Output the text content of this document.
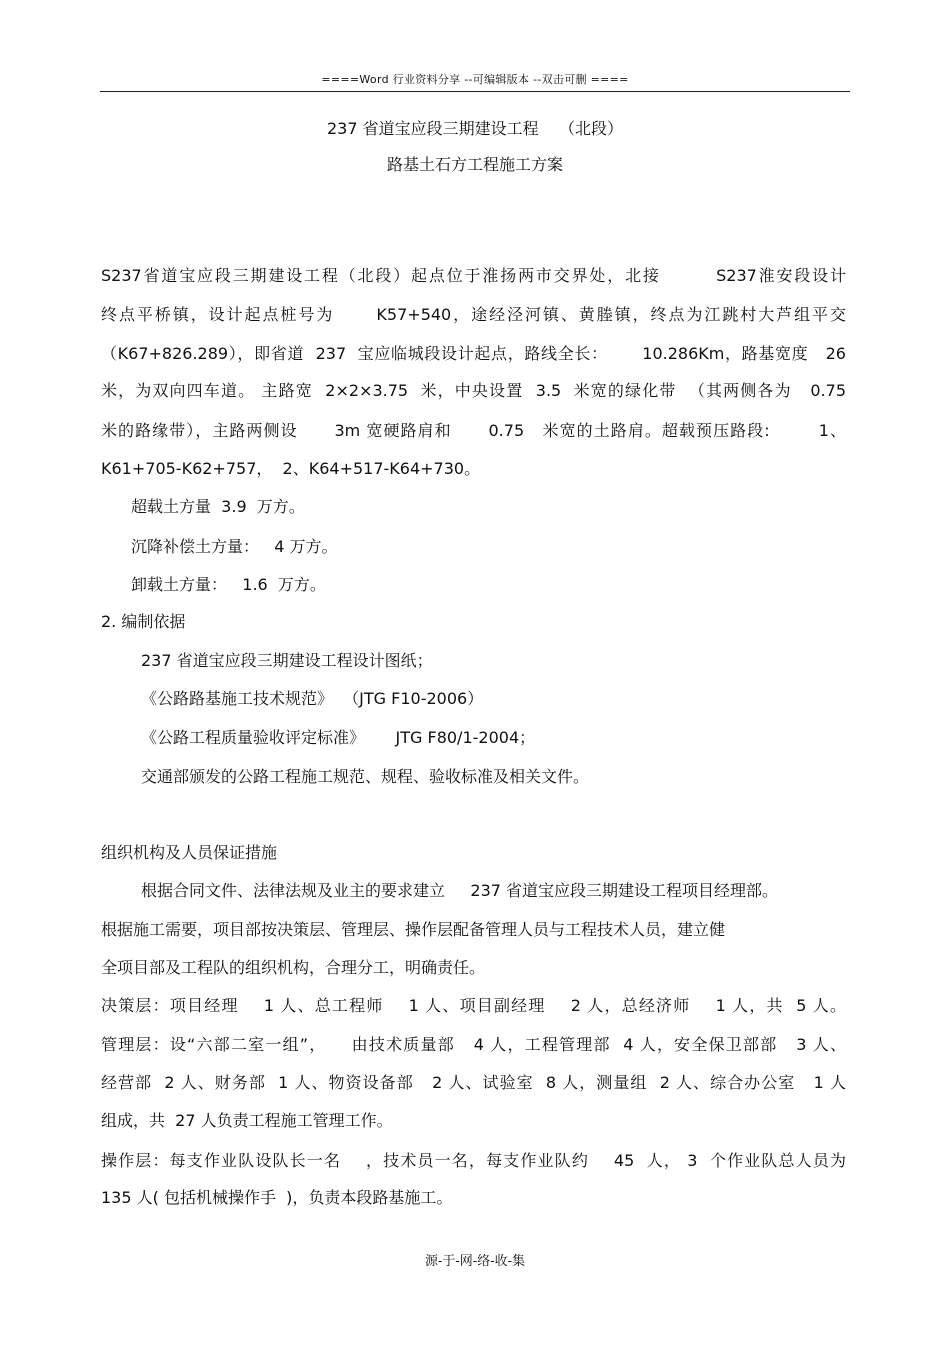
====Word 行业资料分享 --可编辑版本 --双击可删 ====
237 省道宝应段三期建设工程    （北段）
路基土石方工程施工方案
S237省道宝应段三期建设工程（北段）起点位于淮扬两市交界处，北接        S237淮安段设计
终点平桥镇，设计起点桩号为      K57+540，途经泾河镇、黄塍镇，终点为江跳村大芦组平交
（K67+826.289），即省道  237  宝应临城段设计起点，路线全长：      10.286Km，路基宽度   26
米，为双向四车道。 主路宽  2×2×3.75  米，中央设置  3.5  米宽的绿化带  （其两侧各为   0.75
米的路缘带），主路两侧设      3m 宽硬路肩和      0.75   米宽的土路肩。超载预压路段:        1、
K61+705-K62+757，  2、K64+517-K64+730。
超载土方量  3.9  万方。
沉降补偿土方量：   4 万方。
卸载土方量：   1.6  万方。
2. 编制依据
237 省道宝应段三期建设工程设计图纸；
《公路路基施工技术规范》  （JTG F10-2006）
《公路工程质量验收评定标准》      JTG F80/1-2004；
交通部颁发的公路工程施工规范、规程、验收标准及相关文件。
组织机构及人员保证措施
根据合同文件、法律法规及业主的要求建立     237 省道宝应段三期建设工程项目经理部。
根据施工需要，项目部按决策层、管理层、操作层配备管理人员与工程技术人员，建立健
全项目部及工程队的组织机构，合理分工，明确责任。
决策层：项目经理    1 人、总工程师    1 人、项目副经理    2 人，总经济师    1 人，共  5 人。
管理层：设“六部二室一组”，    由技术质量部   4 人，工程管理部  4 人，安全保卫部部   3 人、
经营部  2 人、财务部  1 人、物资设备部   2 人、试验室  8 人，测量组  2 人、综合办公室   1 人
组成，共  27 人负责工程施工管理工作。
操作层：每支作业队设队长一名    ，技术员一名，每支作业队约    45  人， 3  个作业队总人员为
135 人( 包括机械操作手  )，负责本段路基施工。
源-于-网-络-收-集
